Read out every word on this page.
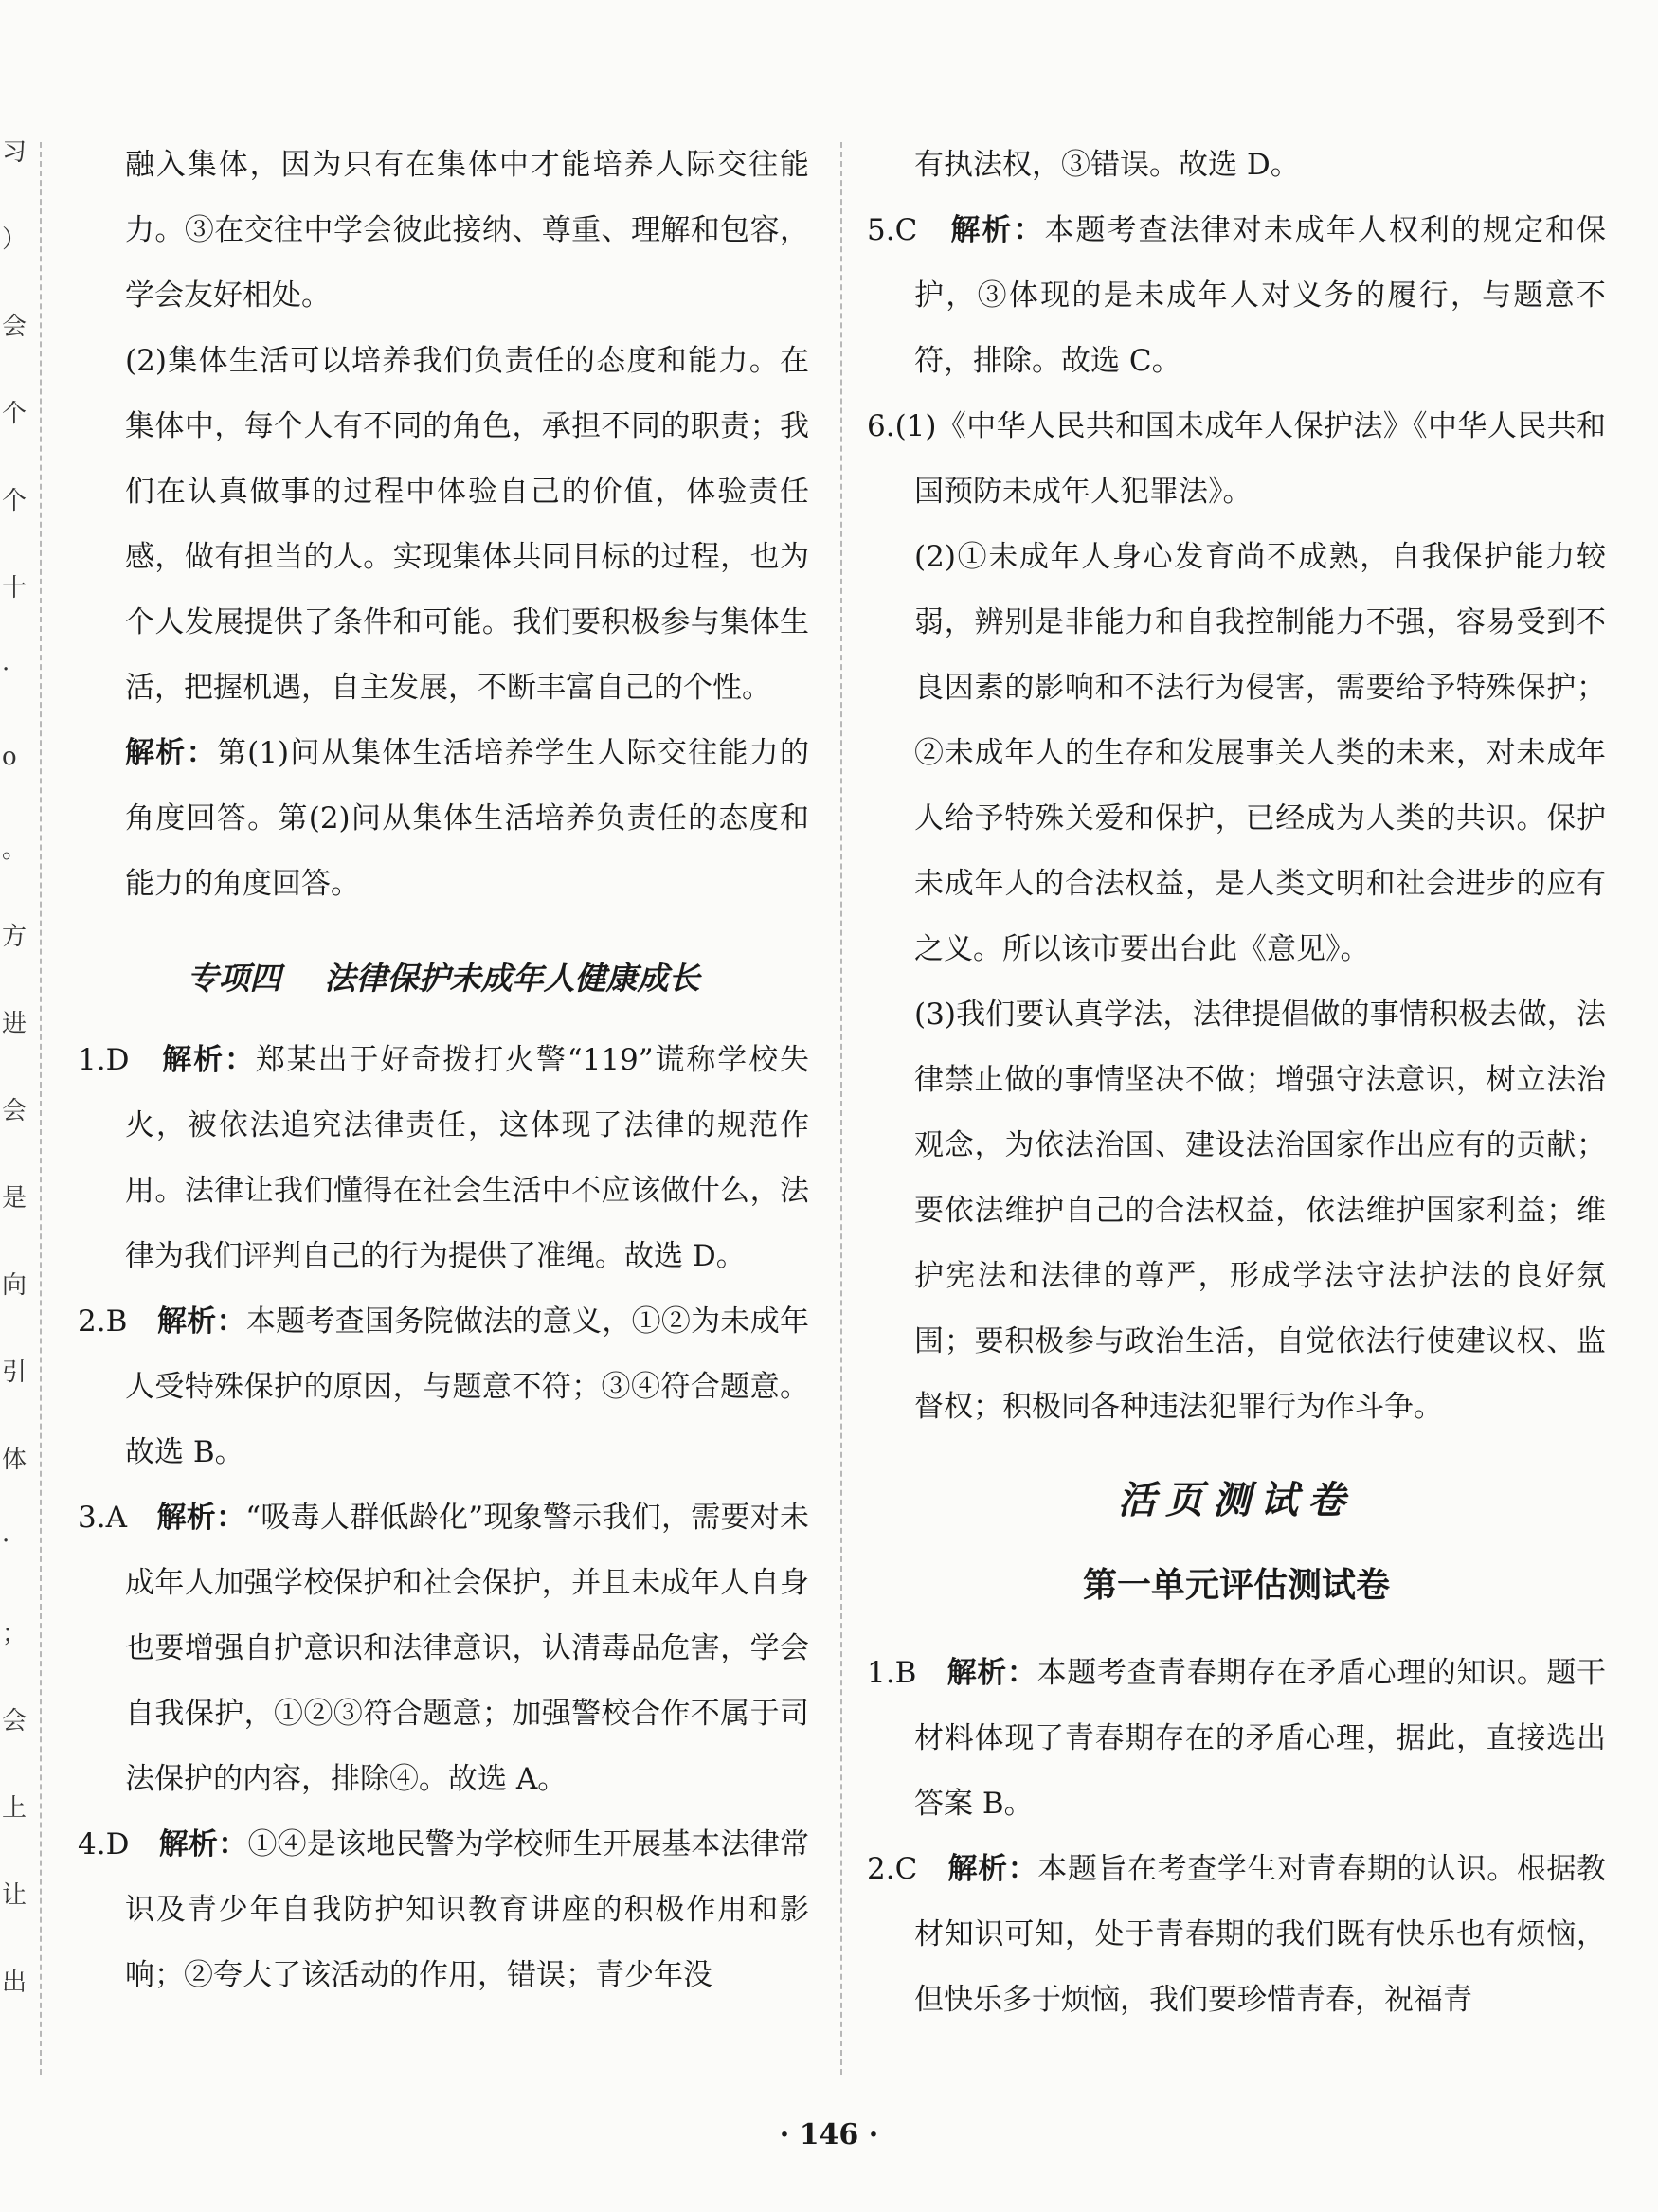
习
）
会
个
个
十
·
o
。
方
进
会
是
向
引
体
·
；
会
上
让
出

融入集体，因为只有在集体中才能培养人际交往能力。③在交往中学会彼此接纳、尊重、理解和包容，学会友好相处。

(2)集体生活可以培养我们负责任的态度和能力。在集体中，每个人有不同的角色，承担不同的职责；我们在认真做事的过程中体验自己的价值，体验责任感，做有担当的人。实现集体共同目标的过程，也为个人发展提供了条件和可能。我们要积极参与集体生活，把握机遇，自主发展，不断丰富自己的个性。

解析：第(1)问从集体生活培养学生人际交往能力的角度回答。第(2)问从集体生活培养负责任的态度和能力的角度回答。

专项四 法律保护未成年人健康成长

1.D　 解析：郑某出于好奇拨打火警“119”谎称学校失火，被依法追究法律责任，这体现了法律的规范作用。法律让我们懂得在社会生活中不应该做什么，法律为我们评判自己的行为提供了准绳。故选 D。

2.B　 解析：本题考查国务院做法的意义，①②为未成年人受特殊保护的原因，与题意不符；③④符合题意。故选 B。

3.A　 解析：“吸毒人群低龄化”现象警示我们，需要对未成年人加强学校保护和社会保护，并且未成年人自身也要增强自护意识和法律意识，认清毒品危害，学会自我保护，①②③符合题意；加强警校合作不属于司法保护的内容，排除④。故选 A。

4.D　 解析：①④是该地民警为学校师生开展基本法律常识及青少年自我防护知识教育讲座的积极作用和影响；②夸大了该活动的作用，错误；青少年没

有执法权，③错误。故选 D。

5.C　 解析：本题考查法律对未成年人权利的规定和保护，③体现的是未成年人对义务的履行，与题意不符，排除。故选 C。

6.(1)《中华人民共和国未成年人保护法》《中华人民共和国预防未成年人犯罪法》。

(2)①未成年人身心发育尚不成熟，自我保护能力较弱，辨别是非能力和自我控制能力不强，容易受到不良因素的影响和不法行为侵害，需要给予特殊保护；②未成年人的生存和发展事关人类的未来，对未成年人给予特殊关爱和保护，已经成为人类的共识。保护未成年人的合法权益，是人类文明和社会进步的应有之义。所以该市要出台此《意见》。

(3)我们要认真学法，法律提倡做的事情积极去做，法律禁止做的事情坚决不做；增强守法意识，树立法治观念，为依法治国、建设法治国家作出应有的贡献；要依法维护自己的合法权益，依法维护国家利益；维护宪法和法律的尊严，形成学法守法护法的良好氛围；要积极参与政治生活，自觉依法行使建议权、监督权；积极同各种违法犯罪行为作斗争。

活页测试卷
第一单元评估测试卷

1.B　 解析：本题考查青春期存在矛盾心理的知识。题干材料体现了青春期存在的矛盾心理，据此，直接选出答案 B。

2.C　 解析：本题旨在考查学生对青春期的认识。根据教材知识可知，处于青春期的我们既有快乐也有烦恼，但快乐多于烦恼，我们要珍惜青春，祝福青

· 146 ·
